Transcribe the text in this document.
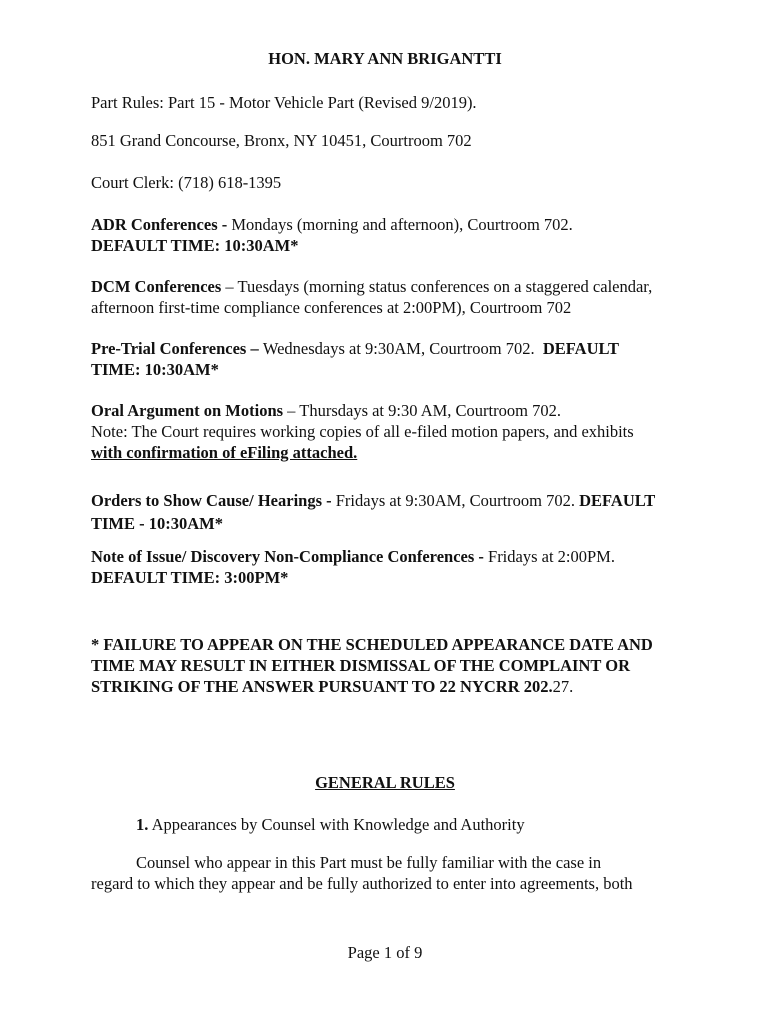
HON. MARY ANN BRIGANTTI

Part Rules: Part 15 - Motor Vehicle Part (Revised 9/2019).

851 Grand Concourse, Bronx, NY 10451, Courtroom 702

Court Clerk: (718) 618-1395

ADR Conferences - Mondays (morning and afternoon), Courtroom 702.
DEFAULT TIME: 10:30AM*
DCM Conferences – Tuesdays (morning status conferences on a staggered calendar,
afternoon first-time compliance conferences at 2:00PM), Courtroom 702
Pre-Trial Conferences – Wednesdays at 9:30AM, Courtroom 702.  DEFAULT
TIME: 10:30AM*
Oral Argument on Motions – Thursdays at 9:30 AM, Courtroom 702.
Note: The Court requires working copies of all e-filed motion papers, and exhibits
with confirmation of eFiling attached.
Orders to Show Cause/ Hearings - Fridays at 9:30AM, Courtroom 702. DEFAULT
TIME - 10:30AM*
Note of Issue/ Discovery Non-Compliance Conferences - Fridays at 2:00PM.
DEFAULT TIME: 3:00PM*
* FAILURE TO APPEAR ON THE SCHEDULED APPEARANCE DATE AND
TIME MAY RESULT IN EITHER DISMISSAL OF THE COMPLAINT OR
STRIKING OF THE ANSWER PURSUANT TO 22 NYCRR 202.27.

GENERAL RULES

1. Appearances by Counsel with Knowledge and Authority

Counsel who appear in this Part must be fully familiar with the case in
regard to which they appear and be fully authorized to enter into agreements, both

Page 1 of 9
